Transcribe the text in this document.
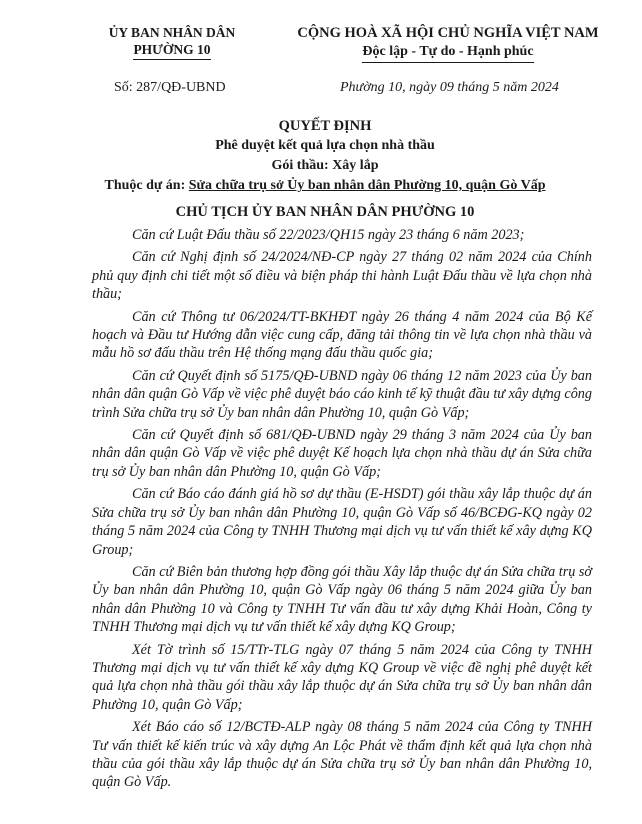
ỦY BAN NHÂN DÂN
PHƯỜNG 10
CỘNG HOÀ XÃ HỘI CHỦ NGHĨA VIỆT NAM
Độc lập - Tự do - Hạnh phúc
Số: 287/QĐ-UBND	Phường 10, ngày 09 tháng 5 năm 2024
QUYẾT ĐỊNH
Phê duyệt kết quả lựa chọn nhà thầu
Gói thầu: Xây lắp
Thuộc dự án: Sửa chữa trụ sở Ủy ban nhân dân Phường 10, quận Gò Vấp
CHỦ TỊCH ỦY BAN NHÂN DÂN PHƯỜNG 10

Căn cứ Luật Đấu thầu số 22/2023/QH15 ngày 23 tháng 6 năm 2023;

Căn cứ Nghị định số 24/2024/NĐ-CP ngày 27 tháng 02 năm 2024 của Chính phủ quy định chi tiết một số điều và biện pháp thi hành Luật Đấu thầu về lựa chọn nhà thầu;

Căn cứ Thông tư 06/2024/TT-BKHĐT ngày 26 tháng 4 năm 2024 của Bộ Kế hoạch và Đầu tư Hướng dẫn việc cung cấp, đăng tải thông tin về lựa chọn nhà thầu và mẫu hồ sơ đấu thầu trên Hệ thống mạng đấu thầu quốc gia;

Căn cứ Quyết định số 5175/QĐ-UBND ngày 06 tháng 12 năm 2023 của Ủy ban nhân dân quận Gò Vấp về việc phê duyệt báo cáo kinh tế kỹ thuật đầu tư xây dựng công trình Sửa chữa trụ sở Ủy ban nhân dân Phường 10, quận Gò Vấp;

Căn cứ Quyết định số 681/QĐ-UBND ngày 29 tháng 3 năm 2024 của Ủy ban nhân dân quận Gò Vấp về việc phê duyệt Kế hoạch lựa chọn nhà thầu dự án Sửa chữa trụ sở Ủy ban nhân dân Phường 10, quận Gò Vấp;

Căn cứ Báo cáo đánh giá hồ sơ dự thầu (E-HSDT) gói thầu xây lắp thuộc dự án Sửa chữa trụ sở Ủy ban nhân dân Phường 10, quận Gò Vấp số 46/BCĐG-KQ ngày 02 tháng 5 năm 2024 của Công ty TNHH Thương mại dịch vụ tư vấn thiết kế xây dựng KQ Group;

Căn cứ Biên bản thương hợp đồng gói thầu Xây lắp thuộc dự án Sửa chữa trụ sở Ủy ban nhân dân Phường 10, quận Gò Vấp ngày 06 tháng 5 năm 2024 giữa Ủy ban nhân dân Phường 10 và Công ty TNHH Tư vấn đầu tư xây dựng Khải Hoàn, Công ty TNHH Thương mại dịch vụ tư vấn thiết kế xây dựng KQ Group;

Xét Tờ trình số 15/TTr-TLG ngày 07 tháng 5 năm 2024 của Công ty TNHH Thương mại dịch vụ tư vấn thiết kế xây dựng KQ Group về việc đề nghị phê duyệt kết quả lựa chọn nhà thầu gói thầu xây lắp thuộc dự án Sửa chữa trụ sở Ủy ban nhân dân Phường 10, quận Gò Vấp;

Xét Báo cáo số 12/BCTĐ-ALP ngày 08 tháng 5 năm 2024 của Công ty TNHH Tư vấn thiết kế kiến trúc và xây dựng An Lộc Phát về thẩm định kết quả lựa chọn nhà thầu của gói thầu xây lắp thuộc dự án Sửa chữa trụ sở Ủy ban nhân dân Phường 10, quận Gò Vấp.
